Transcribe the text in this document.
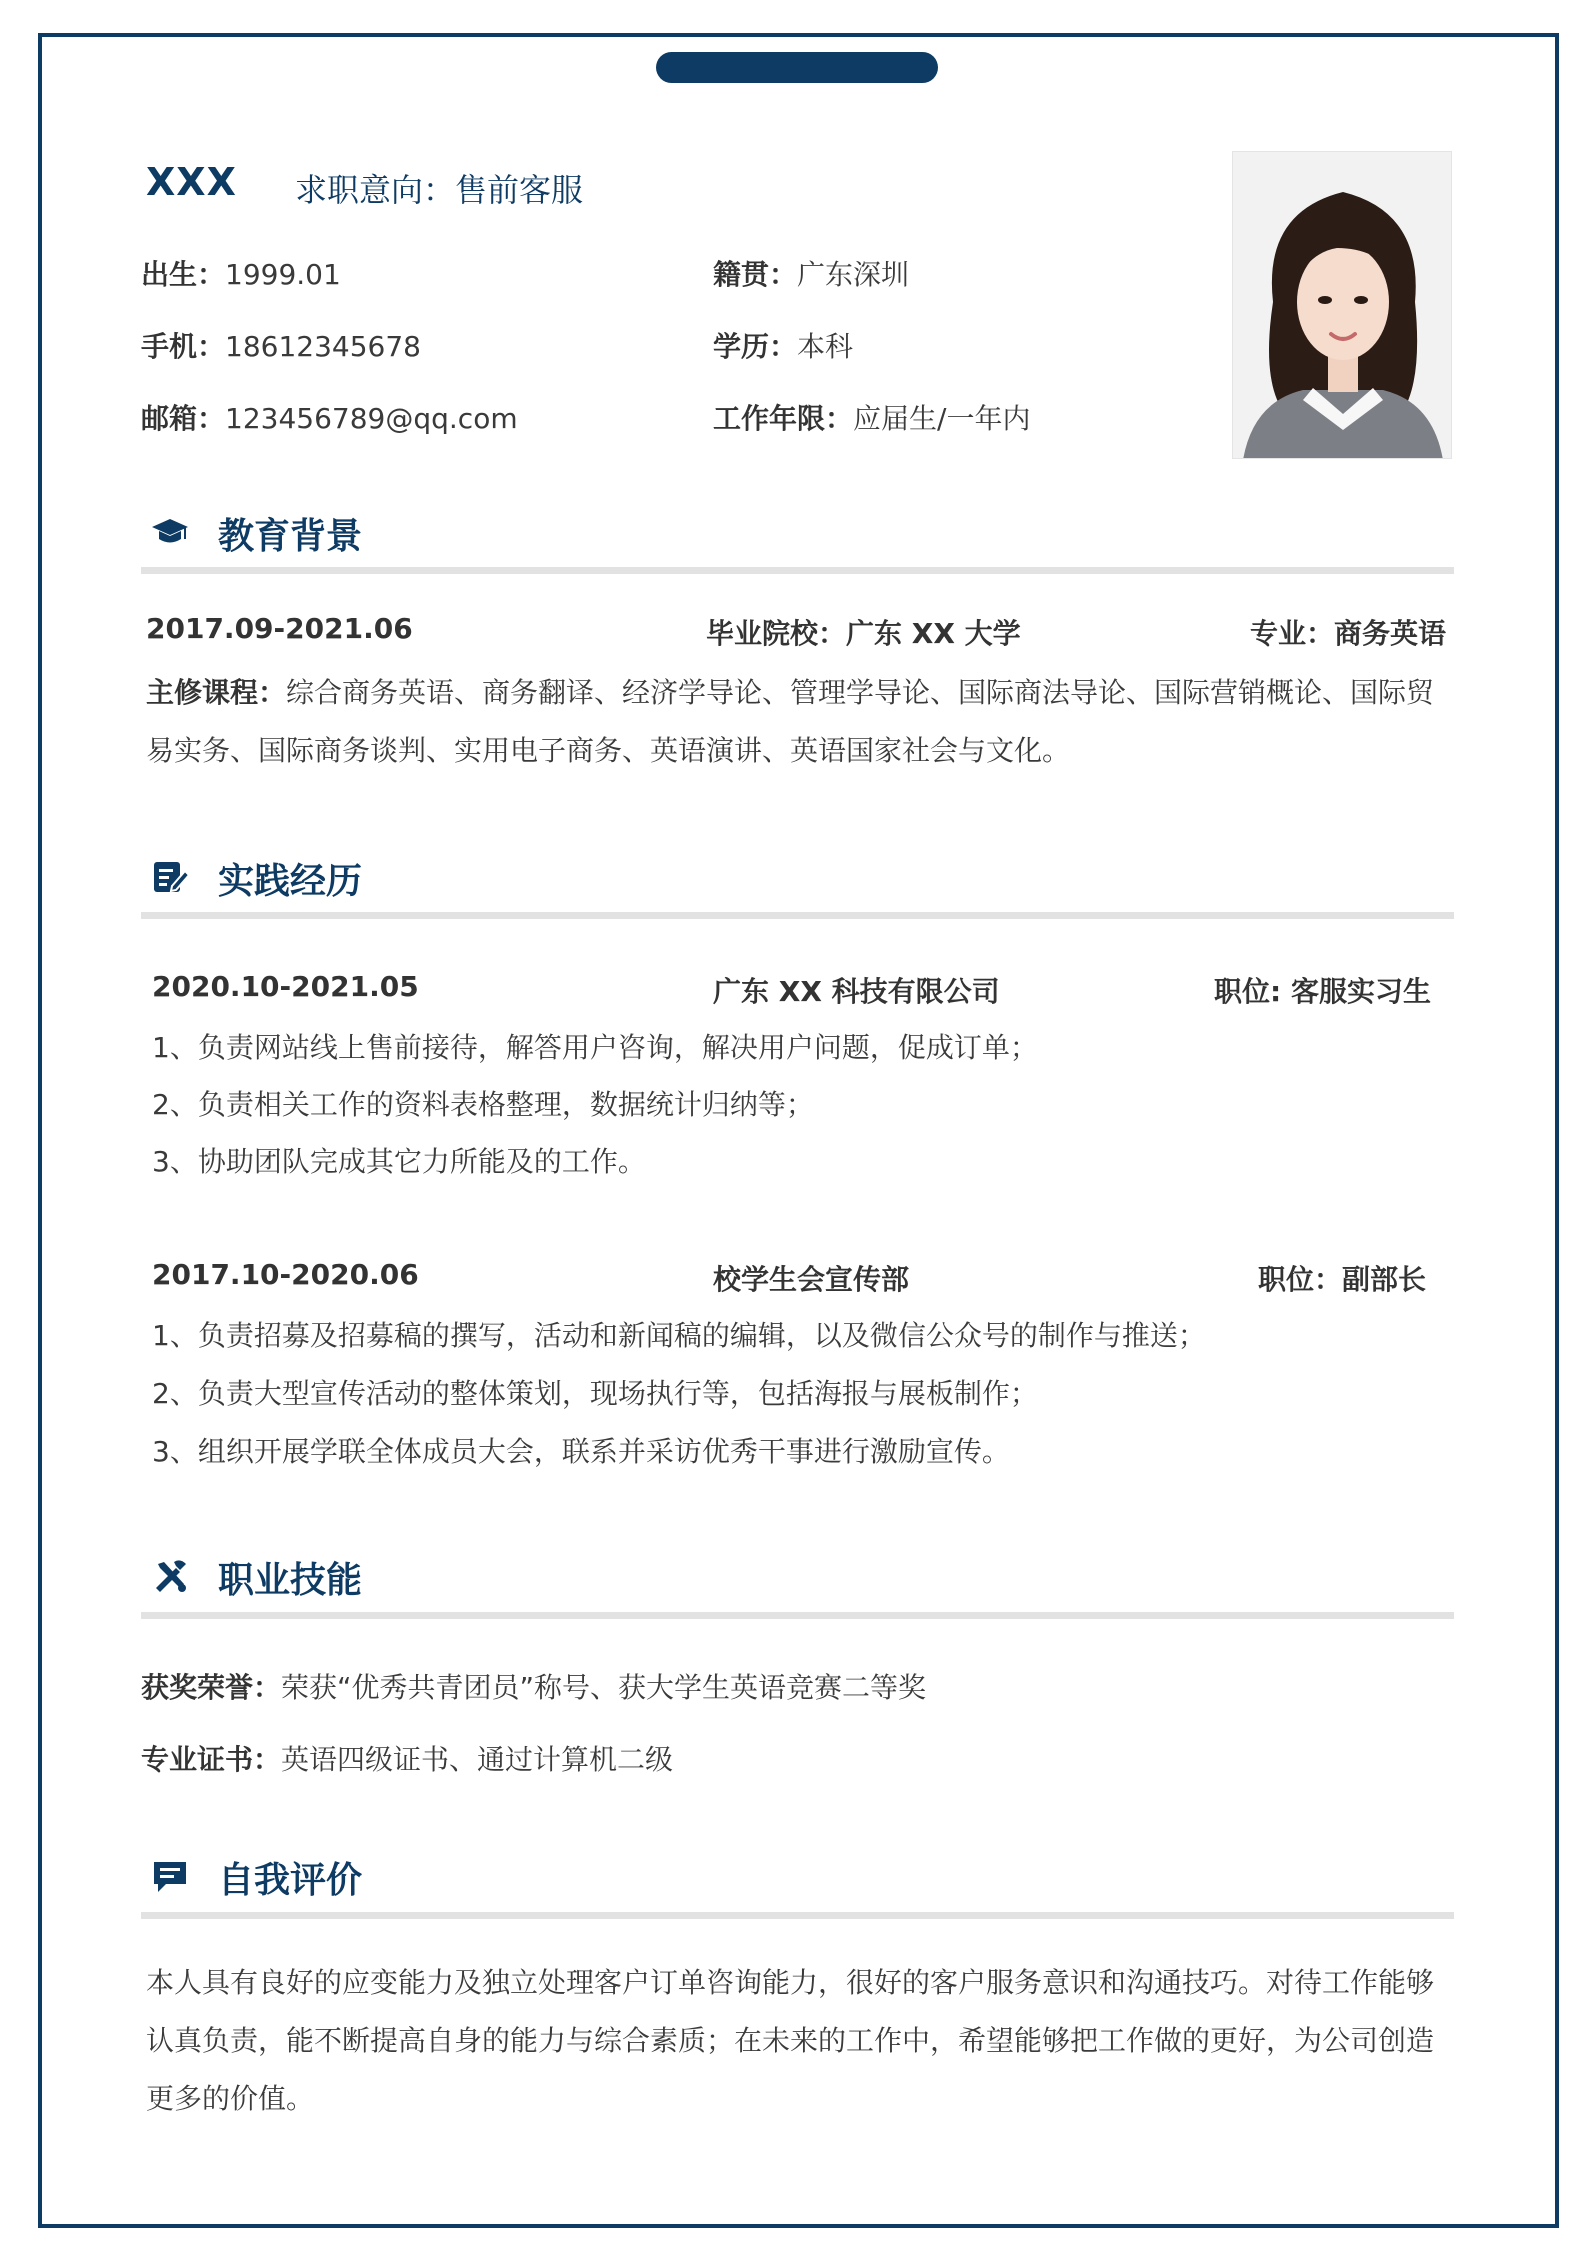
XXX 求职意向：售前客服
出生：1999.01	籍贯：广东深圳
手机：18612345678	学历：本科
邮箱：123456789@qq.com	工作年限：应届生/一年内
教育背景
2017.09-2021.06	毕业院校：广东 XX 大学	专业：商务英语
主修课程：综合商务英语、商务翻译、经济学导论、管理学导论、国际商法导论、国际营销概论、国际贸易实务、国际商务谈判、实用电子商务、英语演讲、英语国家社会与文化。
实践经历
2020.10-2021.05	广东 XX 科技有限公司	职位: 客服实习生
1、负责网站线上售前接待，解答用户咨询，解决用户问题，促成订单；
2、负责相关工作的资料表格整理，数据统计归纳等；
3、协助团队完成其它力所能及的工作。
2017.10-2020.06	校学生会宣传部	职位：副部长
1、负责招募及招募稿的撰写，活动和新闻稿的编辑，以及微信公众号的制作与推送；
2、负责大型宣传活动的整体策划，现场执行等，包括海报与展板制作；
3、组织开展学联全体成员大会，联系并采访优秀干事进行激励宣传。
职业技能
获奖荣誉：荣获“优秀共青团员”称号、获大学生英语竞赛二等奖
专业证书：英语四级证书、通过计算机二级
自我评价
本人具有良好的应变能力及独立处理客户订单咨询能力，很好的客户服务意识和沟通技巧。对待工作能够认真负责，能不断提高自身的能力与综合素质；在未来的工作中，希望能够把工作做的更好，为公司创造更多的价值。
